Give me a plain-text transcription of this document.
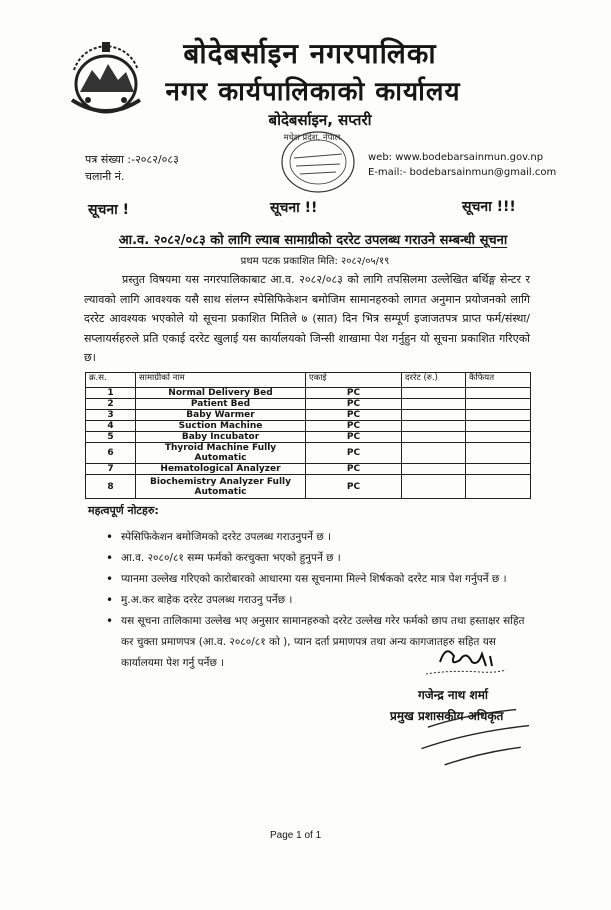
बोदेबर्साइन नगरपालिका
नगर कार्यपालिकाको कार्यालय
बोदेबर्साइन, सप्तरी
मधेश प्रदेश, नेपाल
पत्र संख्या :-२०८२/०८३
चलानी नं.
web: www.bodebarsainmun.gov.np
E-mail:- bodebarsainmun@gmail.com
सूचना !	सूचना !!	सूचना !!!
आ.व. २०८२/०८३ को लागि ल्याब सामाग्रीको दररेट उपलब्ध गराउने सम्बन्धी सूचना
प्रथम पटक प्रकाशित मिति: २०८२/०५/१९

प्रस्तुत विषयमा यस नगरपालिकाबाट आ.व. २०८२/०८३ को लागि तपसिलमा उल्लेखित बर्थिङ्ग सेन्टर र ल्यावको लागि आवश्यक यसै साथ संलग्न स्पेसिफिकेशन बमोजिम सामानहरुको लागत अनुमान प्रयोजनको लागि दररेट आवश्यक भएकोले यो सूचना प्रकाशित मितिले ७ (सात) दिन भित्र सम्पूर्ण इजाजतपत्र प्राप्त फर्म/संस्था/सप्लायर्सहरुले प्रति एकाई दररेट खुलाई यस कार्यालयको जिन्सी शाखामा पेश गर्नुहुन यो सूचना प्रकाशित गरिएको छ।

क्र.स.	सामाग्रीको नाम	एकाई	दररेट (रु.)	कैफियत
1	Normal Delivery Bed	PC		
2	Patient Bed	PC		
3	Baby Warmer	PC		
4	Suction Machine	PC		
5	Baby Incubator	PC		
6	Thyroid Machine Fully Automatic	PC		
7	Hematological Analyzer	PC		
8	Biochemistry Analyzer Fully Automatic	PC		
महत्वपूर्ण नोटहरु:
• स्पेसिफिकेशन बमोजिमको दररेट उपलब्ध गराउनुपर्ने छ ।
• आ.व. २०८०/८१ सम्म फर्मको करचुक्ता भएको हुनुपर्ने छ ।
• प्यानमा उल्लेख गरिएको कारोबारको आधारमा यस सूचनामा मिल्ने शिर्षकको दररेट मात्र पेश गर्नुपर्ने छ ।
• मु.अ.कर बाहेक दररेट उपलब्ध गराउनु पर्नेछ ।
• यस सूचना तालिकामा उल्लेख भए अनुसार सामानहरुको दररेट उल्लेख गरेर फर्मको छाप तथा हस्ताक्षर सहित कर चुक्ता प्रमाणपत्र (आ.व. २०८०/८१ को ), प्यान दर्ता प्रमाणपत्र तथा अन्य कागजातहरु सहित यस कार्यालयमा पेश गर्नु पर्नेछ ।
गजेन्द्र नाथ शर्मा
प्रमुख प्रशासकीय अधिकृत
Page 1 of 1
